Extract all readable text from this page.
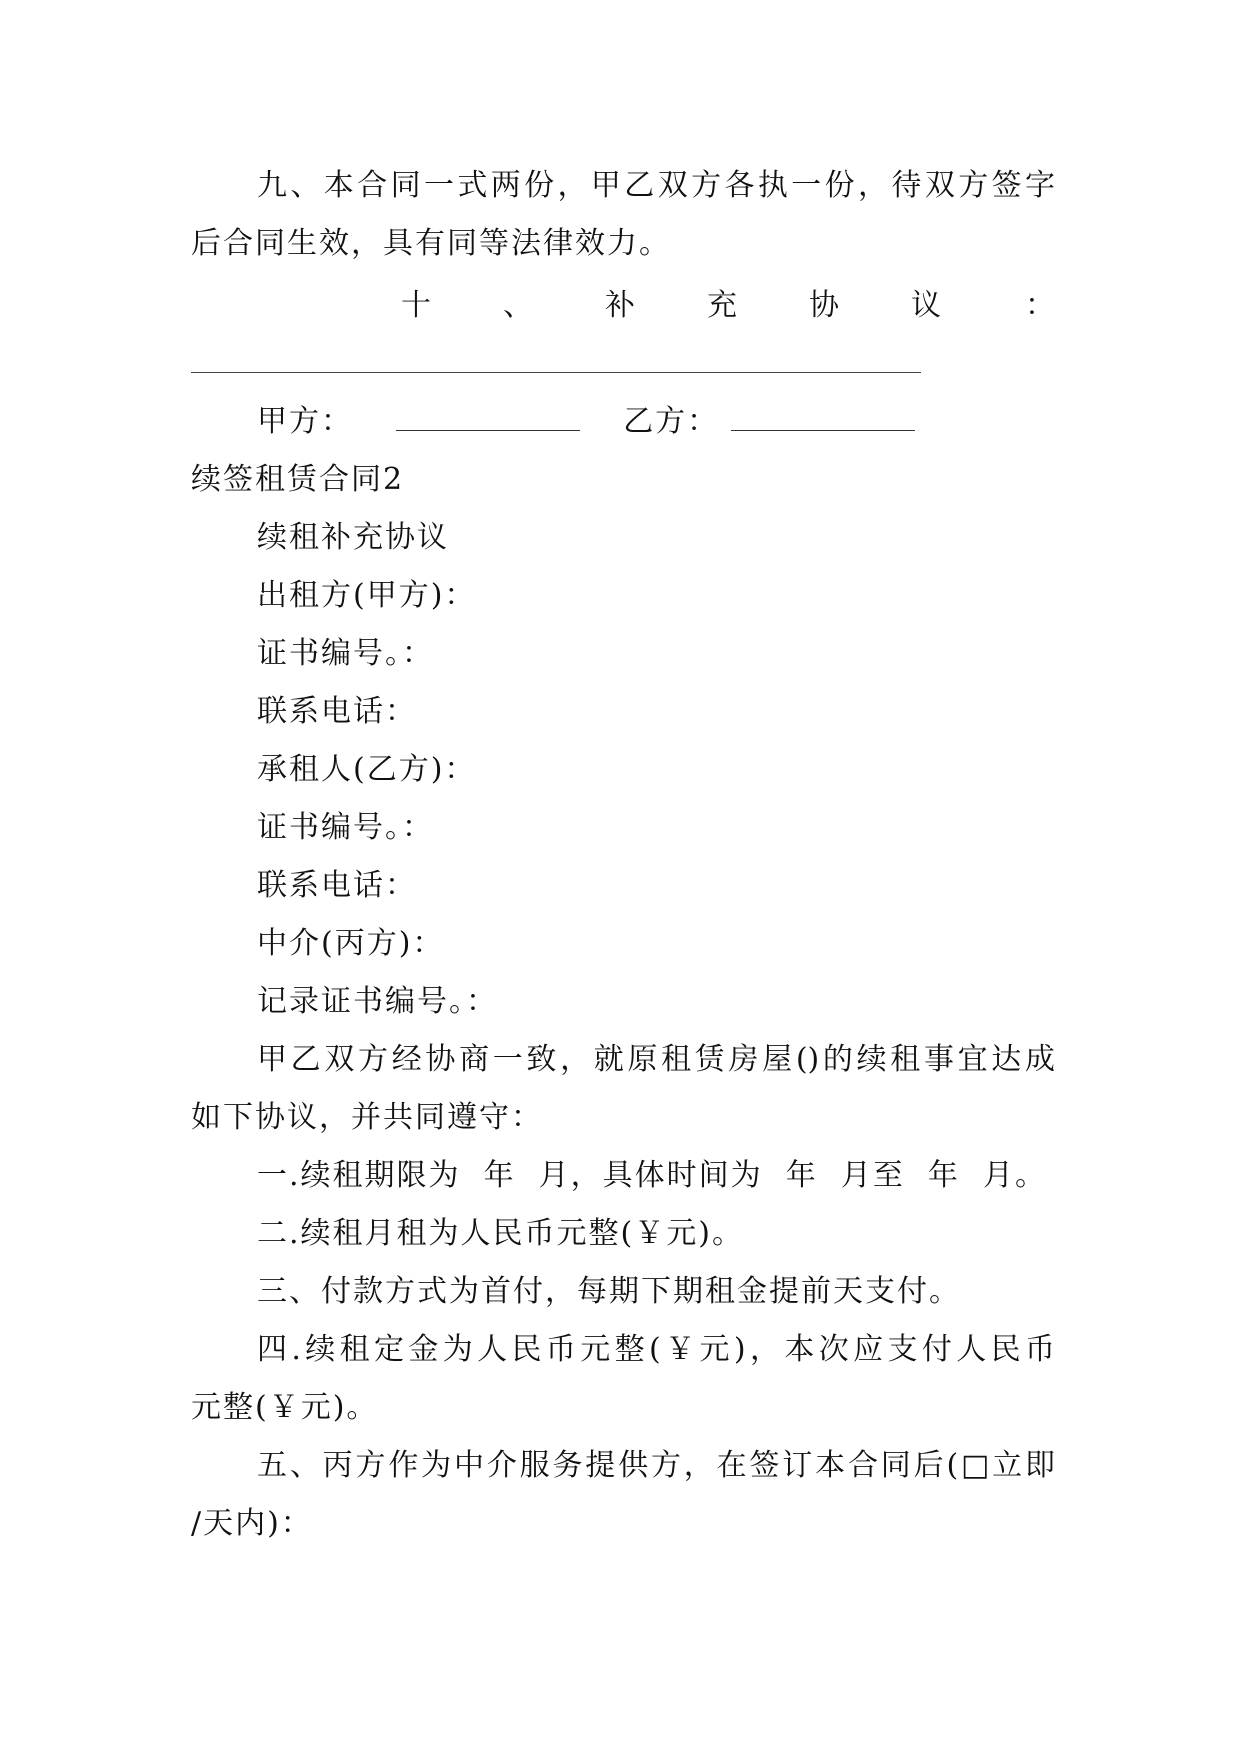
九、本合同一式两份，甲乙双方各执一份，待双方签字

后合同生效，具有同等法律效力。

十 、 补 充 协 议	：

甲方：	乙方：

续签租赁合同2

续租补充协议

出租方(甲方)：

证书编号。：

联系电话：

承租人(乙方)：

证书编号。：

联系电话：

中介(丙方)：

记录证书编号。：

甲乙双方经协商一致，就原租赁房屋()的续租事宜达成

如下协议，并共同遵守：

一.续租期限为  年  月，具体时间为  年  月至  年  月。

二.续租月租为人民币元整(￥元)。

三、付款方式为首付，每期下期租金提前天支付。

四.续租定金为人民币元整(￥元)，本次应支付人民币

元整(￥元)。

五、丙方作为中介服务提供方，在签订本合同后(□立即

/天内)：
